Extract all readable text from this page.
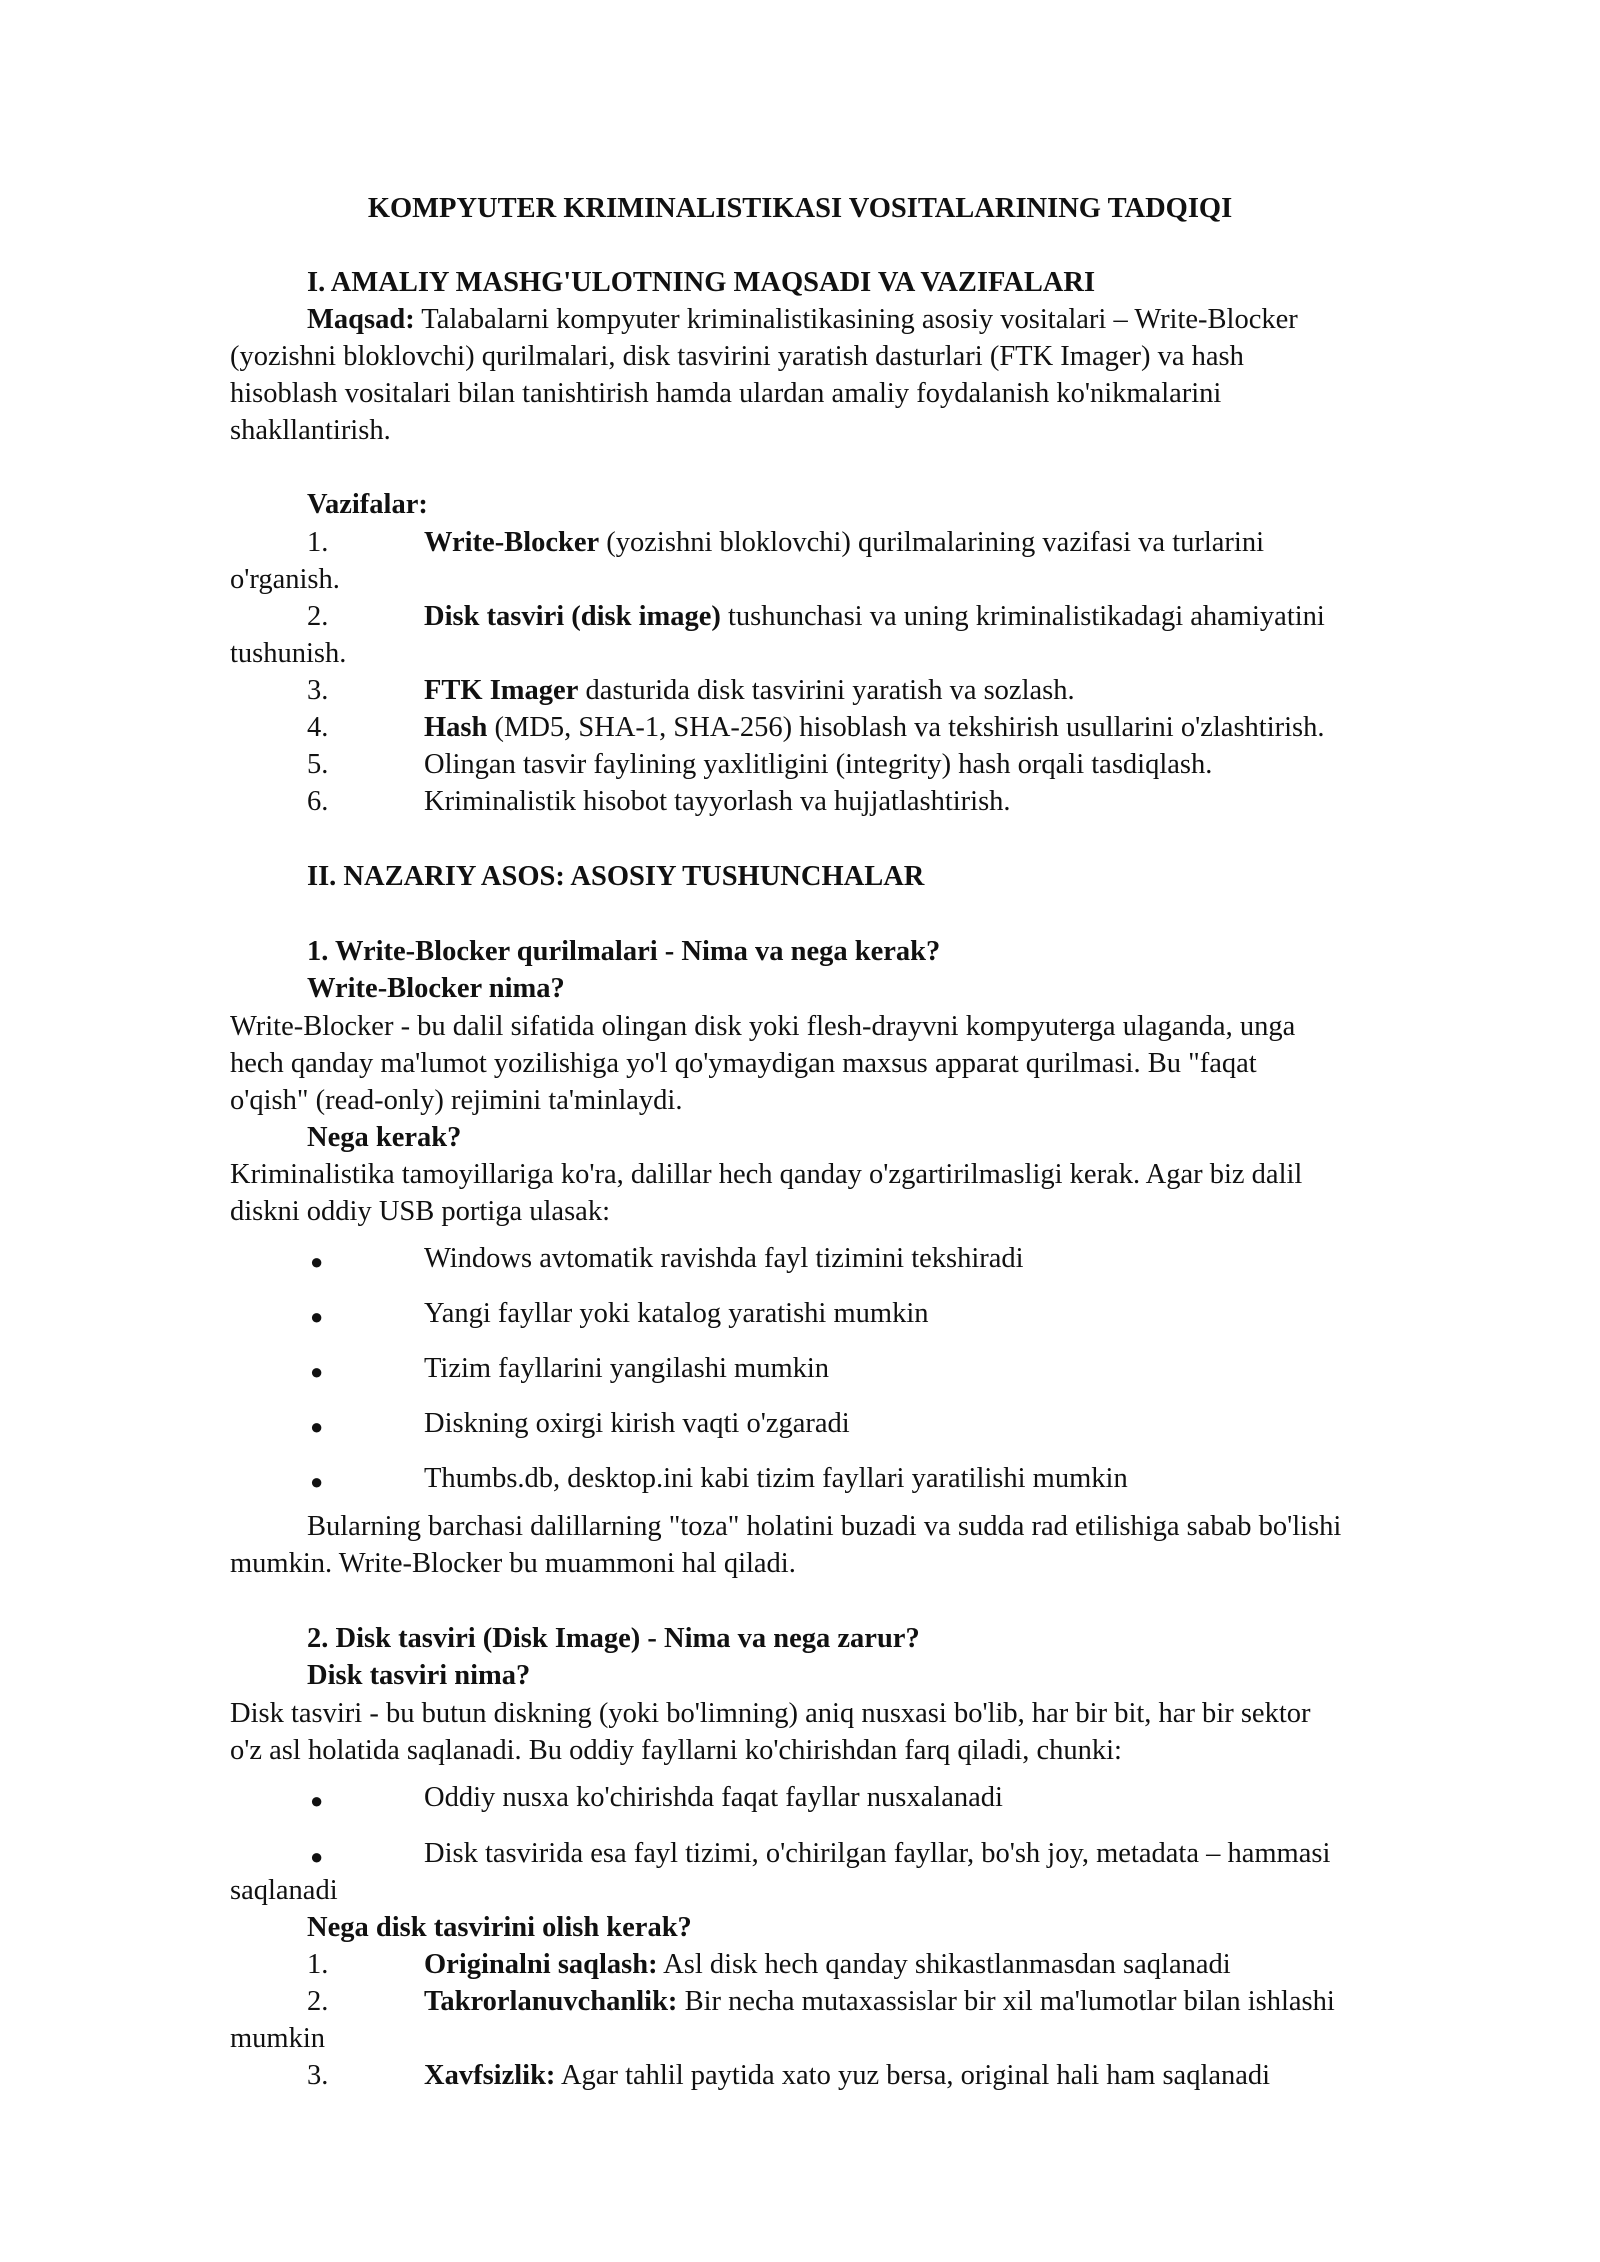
KOMPYUTER KRIMINALISTIKASI VOSITALARINING TADQIQI

I. AMALIY MASHG'ULOTNING MAQSADI VA VAZIFALARI

Maqsad: Talabalarni kompyuter kriminalistikasining asosiy vositalari – Write-Blocker

(yozishni bloklovchi) qurilmalari, disk tasvirini yaratish dasturlari (FTK Imager) va hash

hisoblash vositalari bilan tanishtirish hamda ulardan amaliy foydalanish ko'nikmalarini

shakllantirish.

Vazifalar:

1.	Write-Blocker (yozishni bloklovchi) qurilmalarining vazifasi va turlarini

o'rganish.

2.	Disk tasviri (disk image) tushunchasi va uning kriminalistikadagi ahamiyatini

tushunish.

3.	FTK Imager dasturida disk tasvirini yaratish va sozlash.

4.	Hash (MD5, SHA-1, SHA-256) hisoblash va tekshirish usullarini o'zlashtirish.

5.	Olingan tasvir faylining yaxlitligini (integrity) hash orqali tasdiqlash.

6.	Kriminalistik hisobot tayyorlash va hujjatlashtirish.

II. NAZARIY ASOS: ASOSIY TUSHUNCHALAR

1. Write-Blocker qurilmalari - Nima va nega kerak?

Write-Blocker nima?

Write-Blocker - bu dalil sifatida olingan disk yoki flesh-drayvni kompyuterga ulaganda, unga

hech qanday ma'lumot yozilishiga yo'l qo'ymaydigan maxsus apparat qurilmasi. Bu "faqat

o'qish" (read-only) rejimini ta'minlaydi.

Nega kerak?

Kriminalistika tamoyillariga ko'ra, dalillar hech qanday o'zgartirilmasligi kerak. Agar biz dalil

diskni oddiy USB portiga ulasak:

●	Windows avtomatik ravishda fayl tizimini tekshiradi

●	Yangi fayllar yoki katalog yaratishi mumkin

●	Tizim fayllarini yangilashi mumkin

●	Diskning oxirgi kirish vaqti o'zgaradi

●	Thumbs.db, desktop.ini kabi tizim fayllari yaratilishi mumkin

Bularning barchasi dalillarning "toza" holatini buzadi va sudda rad etilishiga sabab bo'lishi

mumkin. Write-Blocker bu muammoni hal qiladi.

2. Disk tasviri (Disk Image) - Nima va nega zarur?

Disk tasviri nima?

Disk tasviri - bu butun diskning (yoki bo'limning) aniq nusxasi bo'lib, har bir bit, har bir sektor

o'z asl holatida saqlanadi. Bu oddiy fayllarni ko'chirishdan farq qiladi, chunki:

●	Oddiy nusxa ko'chirishda faqat fayllar nusxalanadi

●	Disk tasvirida esa fayl tizimi, o'chirilgan fayllar, bo'sh joy, metadata – hammasi

saqlanadi

Nega disk tasvirini olish kerak?

1.	Originalni saqlash: Asl disk hech qanday shikastlanmasdan saqlanadi

2.	Takrorlanuvchanlik: Bir necha mutaxassislar bir xil ma'lumotlar bilan ishlashi

mumkin

3.	Xavfsizlik: Agar tahlil paytida xato yuz bersa, original hali ham saqlanadi
